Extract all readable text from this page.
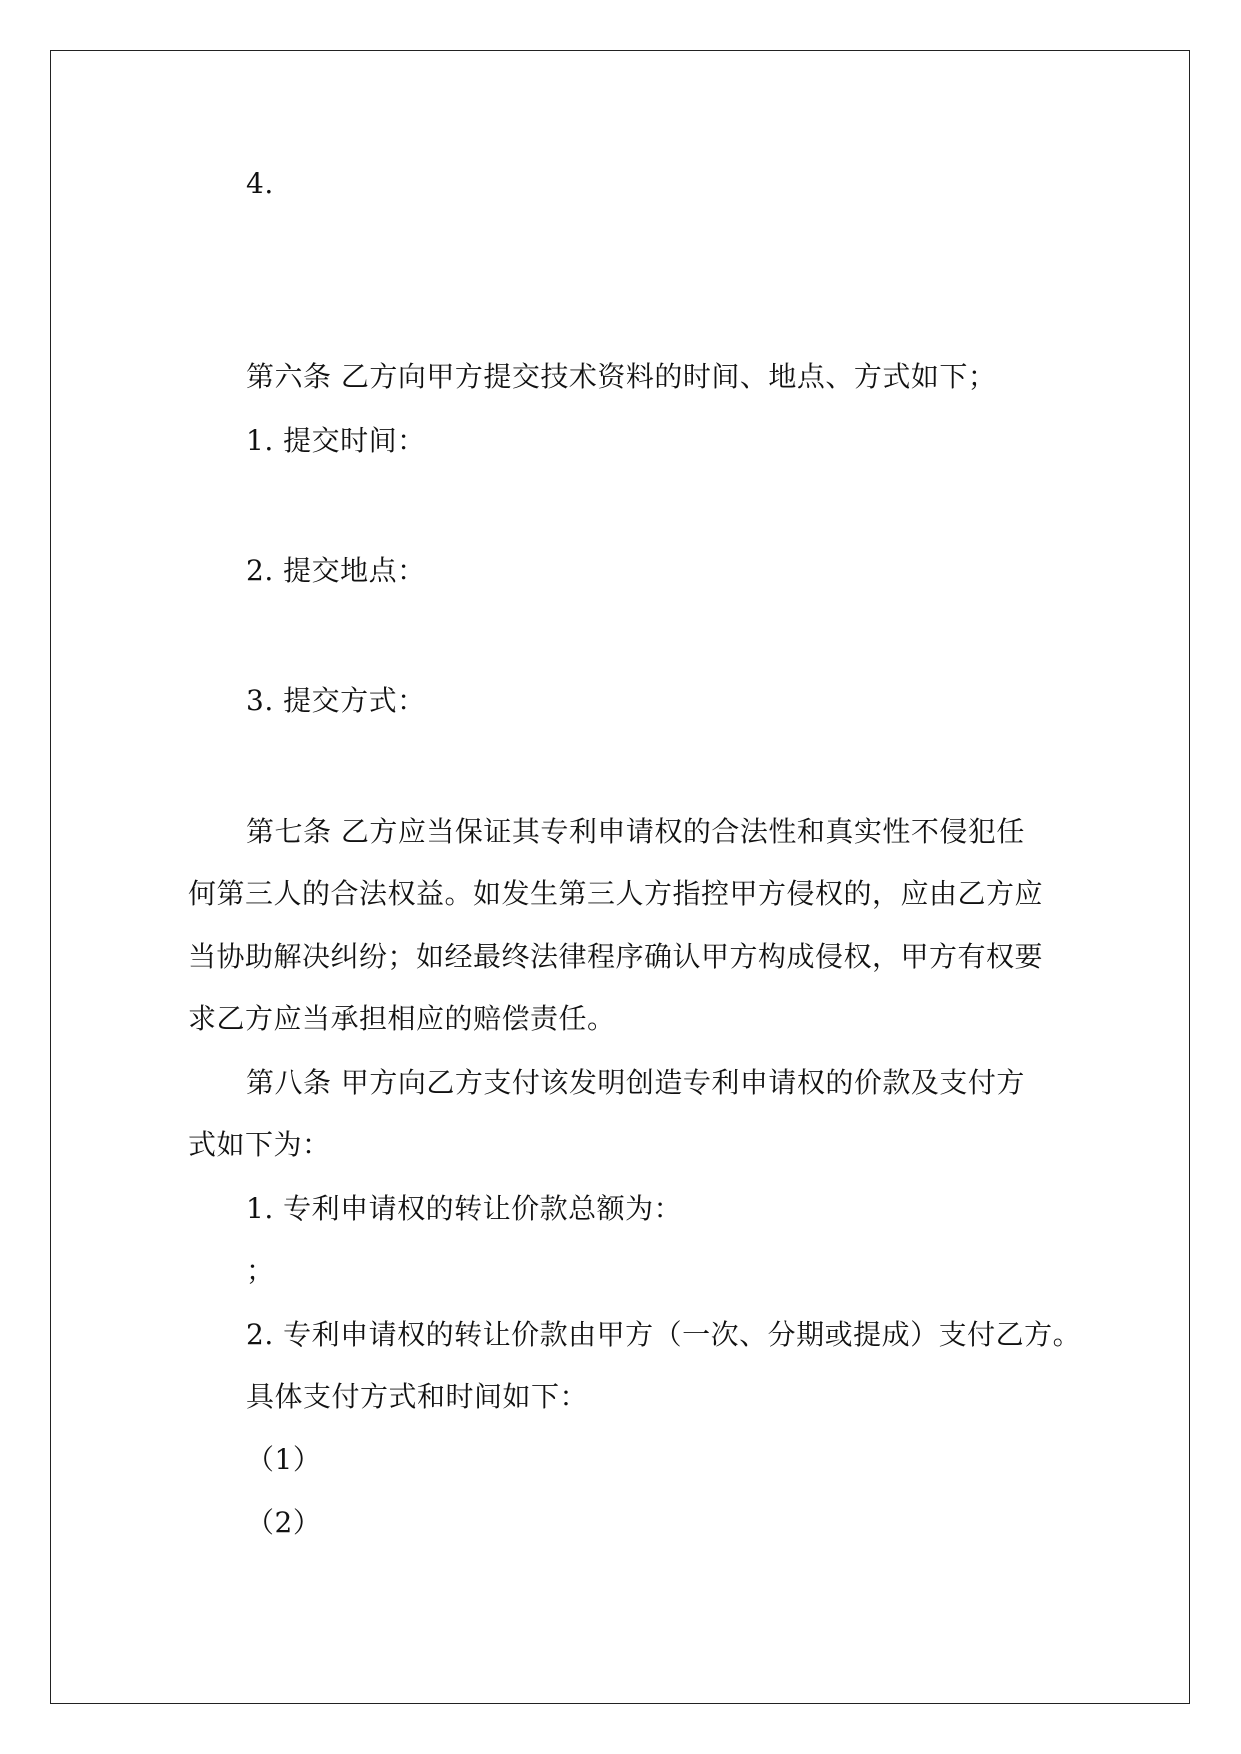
4.
第六条 乙方向甲方提交技术资料的时间、地点、方式如下；
1. 提交时间：
2. 提交地点：
3. 提交方式：
第七条 乙方应当保证其专利申请权的合法性和真实性不侵犯任
何第三人的合法权益。如发生第三人方指控甲方侵权的，应由乙方应
当协助解决纠纷；如经最终法律程序确认甲方构成侵权，甲方有权要
求乙方应当承担相应的赔偿责任。
第八条 甲方向乙方支付该发明创造专利申请权的价款及支付方
式如下为：
1. 专利申请权的转让价款总额为：
；
2. 专利申请权的转让价款由甲方（一次、分期或提成）支付乙方。
具体支付方式和时间如下：
（1）
（2）
